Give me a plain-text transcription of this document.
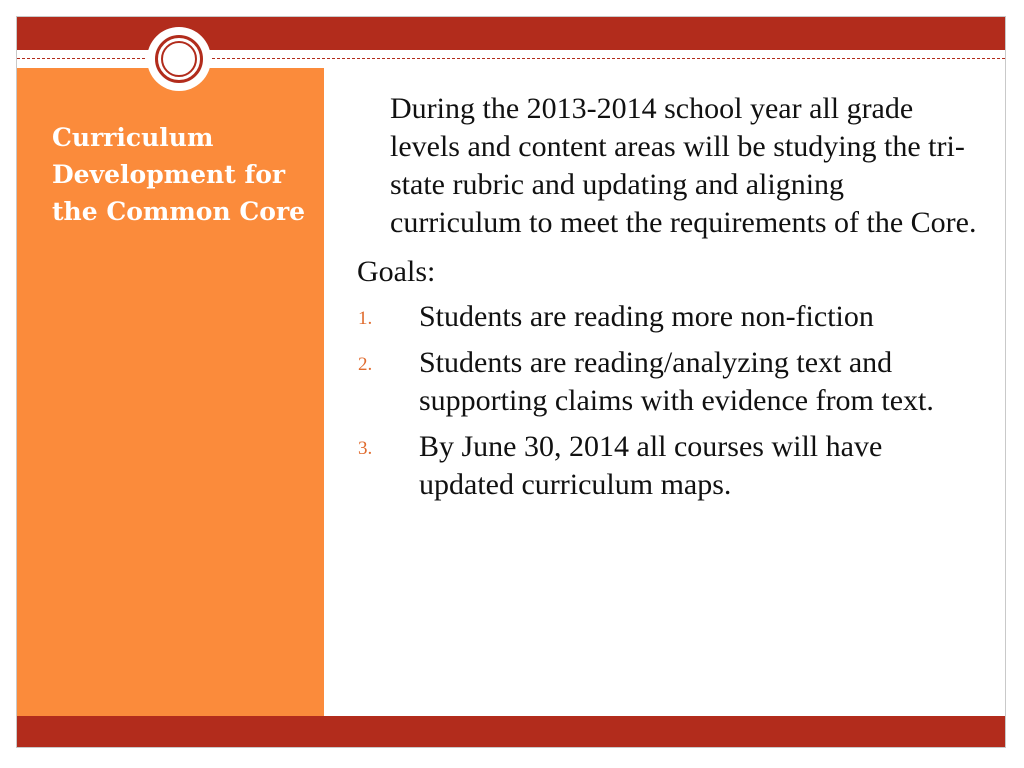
Curriculum Development for the Common Core

During the 2013-2014 school year all grade levels and content areas will be studying the tri-state rubric and updating and aligning curriculum to meet the requirements of the Core.

Goals:
1. Students are reading more non-fiction
2. Students are reading/analyzing text and supporting claims with evidence from text.
3. By June 30, 2014 all courses will have updated curriculum maps.
